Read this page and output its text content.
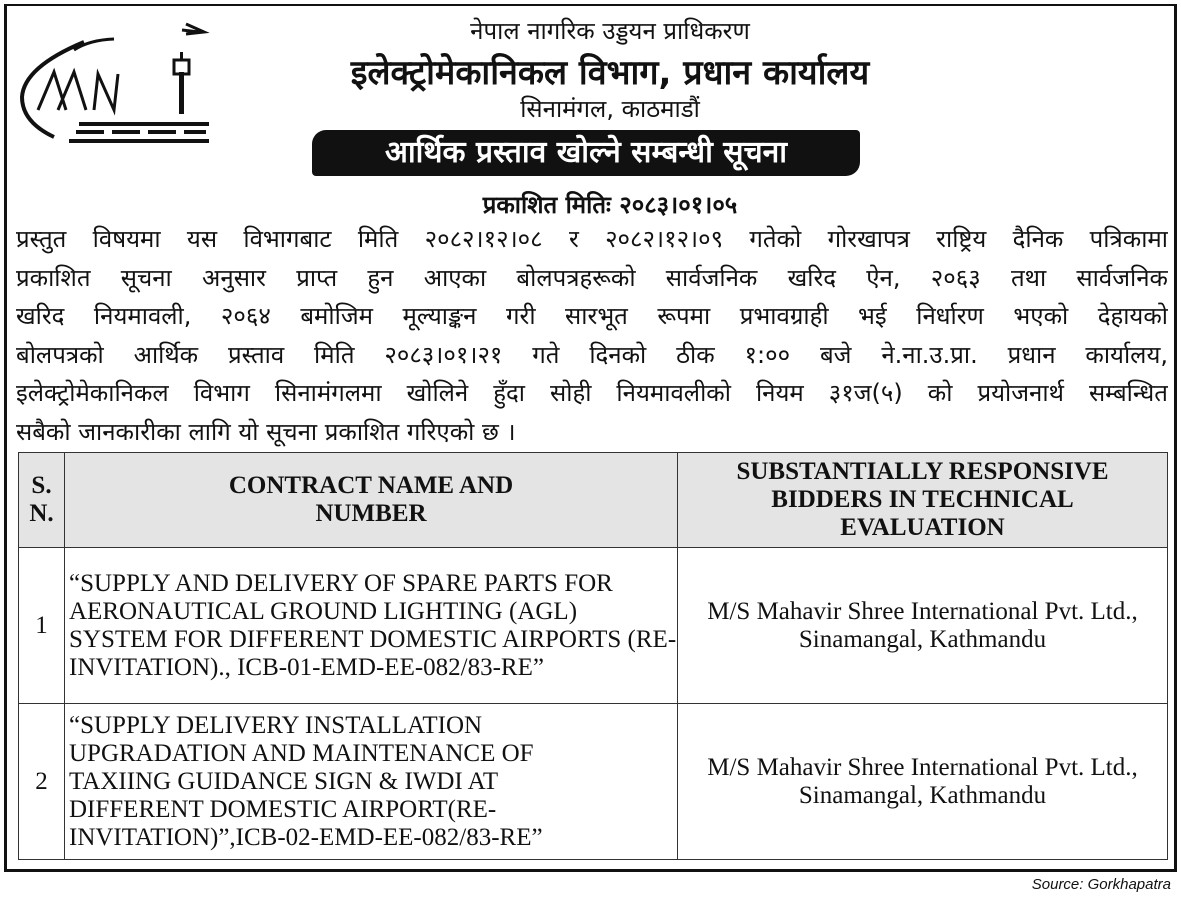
नेपाल नागरिक उड्डयन प्राधिकरण
इलेक्ट्रोमेकानिकल विभाग, प्रधान कार्यालय
सिनामंगल, काठमाडौं
आर्थिक प्रस्ताव खोल्ने सम्बन्धी सूचना
प्रकाशित मितिः २०८३।०१।०५
प्रस्तुत विषयमा यस विभागबाट मिति २०८२।१२।०८ र २०८२।१२।०९ गतेको गोरखापत्र राष्ट्रिय दैनिक पत्रिकामा
प्रकाशित सूचना अनुसार प्राप्त हुन आएका बोलपत्रहरूको सार्वजनिक खरिद ऐन, २०६३ तथा सार्वजनिक
खरिद नियमावली, २०६४ बमोजिम मूल्याङ्कन गरी सारभूत रूपमा प्रभावग्राही भई निर्धारण भएको देहायको
बोलपत्रको आर्थिक प्रस्ताव मिति २०८३।०१।२१ गते दिनको ठीक १:०० बजे ने.ना.उ.प्रा. प्रधान कार्यालय,
इलेक्ट्रोमेकानिकल विभाग सिनामंगलमा खोलिने हुँदा सोही नियमावलीको नियम ३१ज(५) को प्रयोजनार्थ सम्बन्धित
सबैको जानकारीका लागि यो सूचना प्रकाशित गरिएको छ ।
S. N.	CONTRACT NAME AND NUMBER	SUBSTANTIALLY RESPONSIVE BIDDERS IN TECHNICAL EVALUATION
1	“SUPPLY AND DELIVERY OF SPARE PARTS FOR AERONAUTICAL GROUND LIGHTING (AGL) SYSTEM FOR DIFFERENT DOMESTIC AIRPORTS (RE-INVITATION)., ICB-01-EMD-EE-082/83-RE”	M/S Mahavir Shree International Pvt. Ltd., Sinamangal, Kathmandu
2	“SUPPLY DELIVERY INSTALLATION UPGRADATION AND MAINTENANCE OF TAXIING GUIDANCE SIGN & IWDI AT DIFFERENT DOMESTIC AIRPORT(RE-INVITATION)”,ICB-02-EMD-EE-082/83-RE”	M/S Mahavir Shree International Pvt. Ltd., Sinamangal, Kathmandu
Source: Gorkhapatra
